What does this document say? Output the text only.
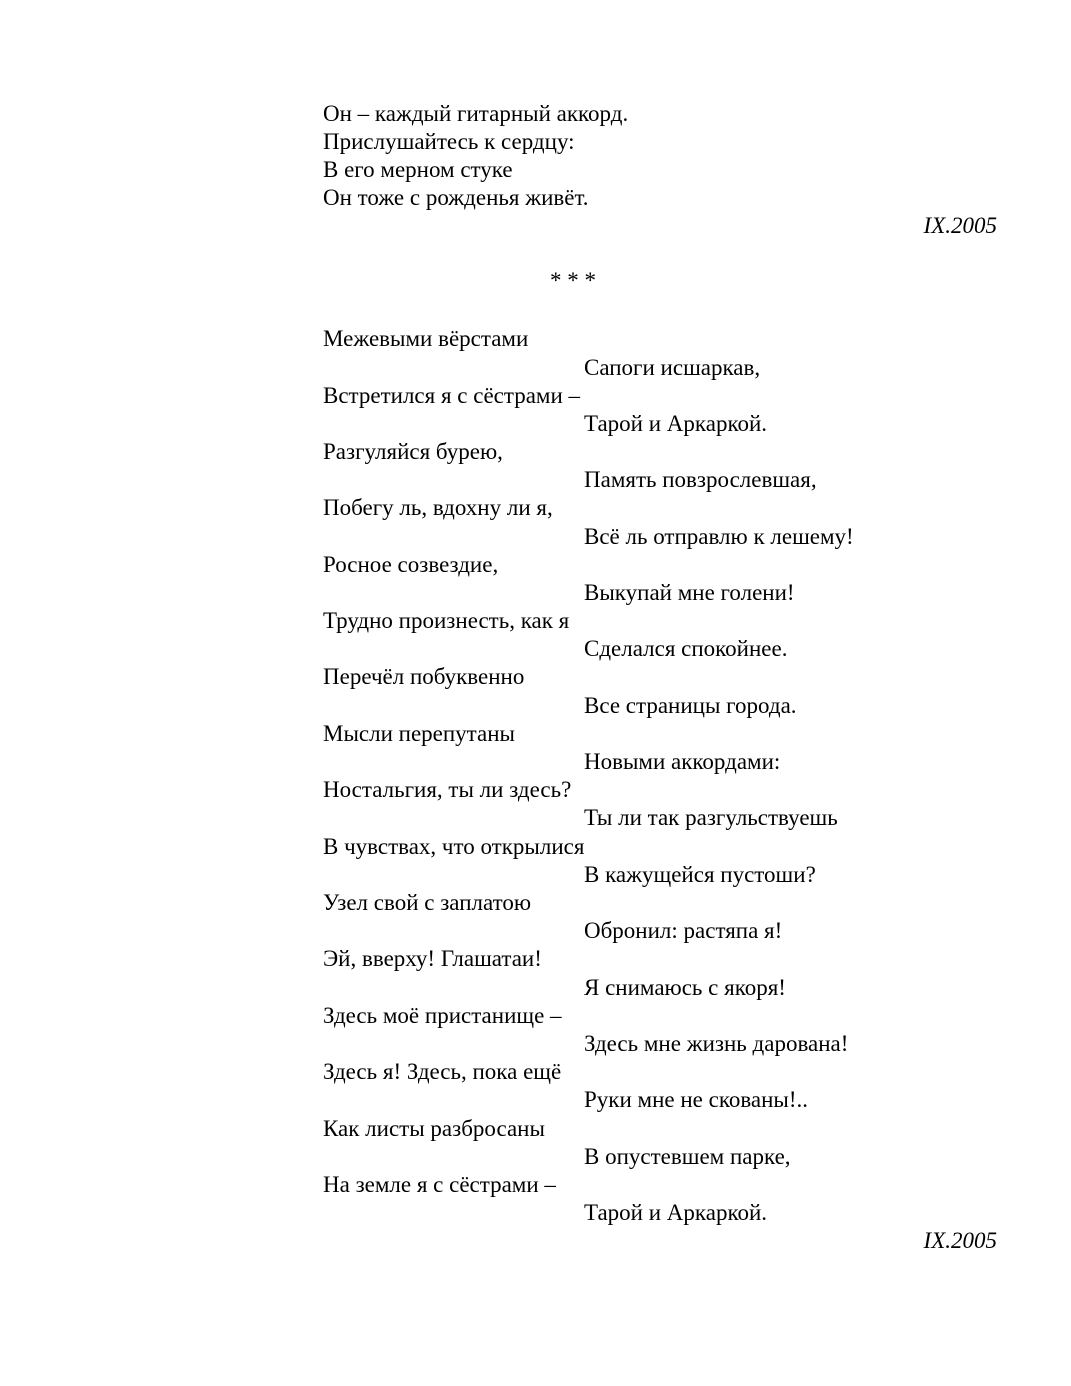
Он – каждый гитарный аккорд.
Прислушайтесь к сердцу:
В его мерном стуке
Он тоже с рожденья живёт.
IX.2005
* * *
Межевыми вёрстами
Сапоги исшаркав,
Встретился я с сёстрами –
Тарой и Аркаркой.
Разгуляйся бурею,
Память повзрослевшая,
Побегу ль, вдохну ли я,
Всё ль отправлю к лешему!
Росное созвездие,
Выкупай мне голени!
Трудно произнесть, как я
Сделался спокойнее.
Перечёл побуквенно
Все страницы города.
Мысли перепутаны
Новыми аккордами:
Ностальгия, ты ли здесь?
Ты ли так разгульствуешь
В чувствах, что открылися
В кажущейся пустоши?
Узел свой с заплатою
Обронил: растяпа я!
Эй, вверху! Глашатаи!
Я снимаюсь с якоря!
Здесь моё пристанище –
Здесь мне жизнь дарована!
Здесь я! Здесь, пока ещё
Руки мне не скованы!..
Как листы разбросаны
В опустевшем парке,
На земле я с сёстрами –
Тарой и Аркаркой.
IX.2005
